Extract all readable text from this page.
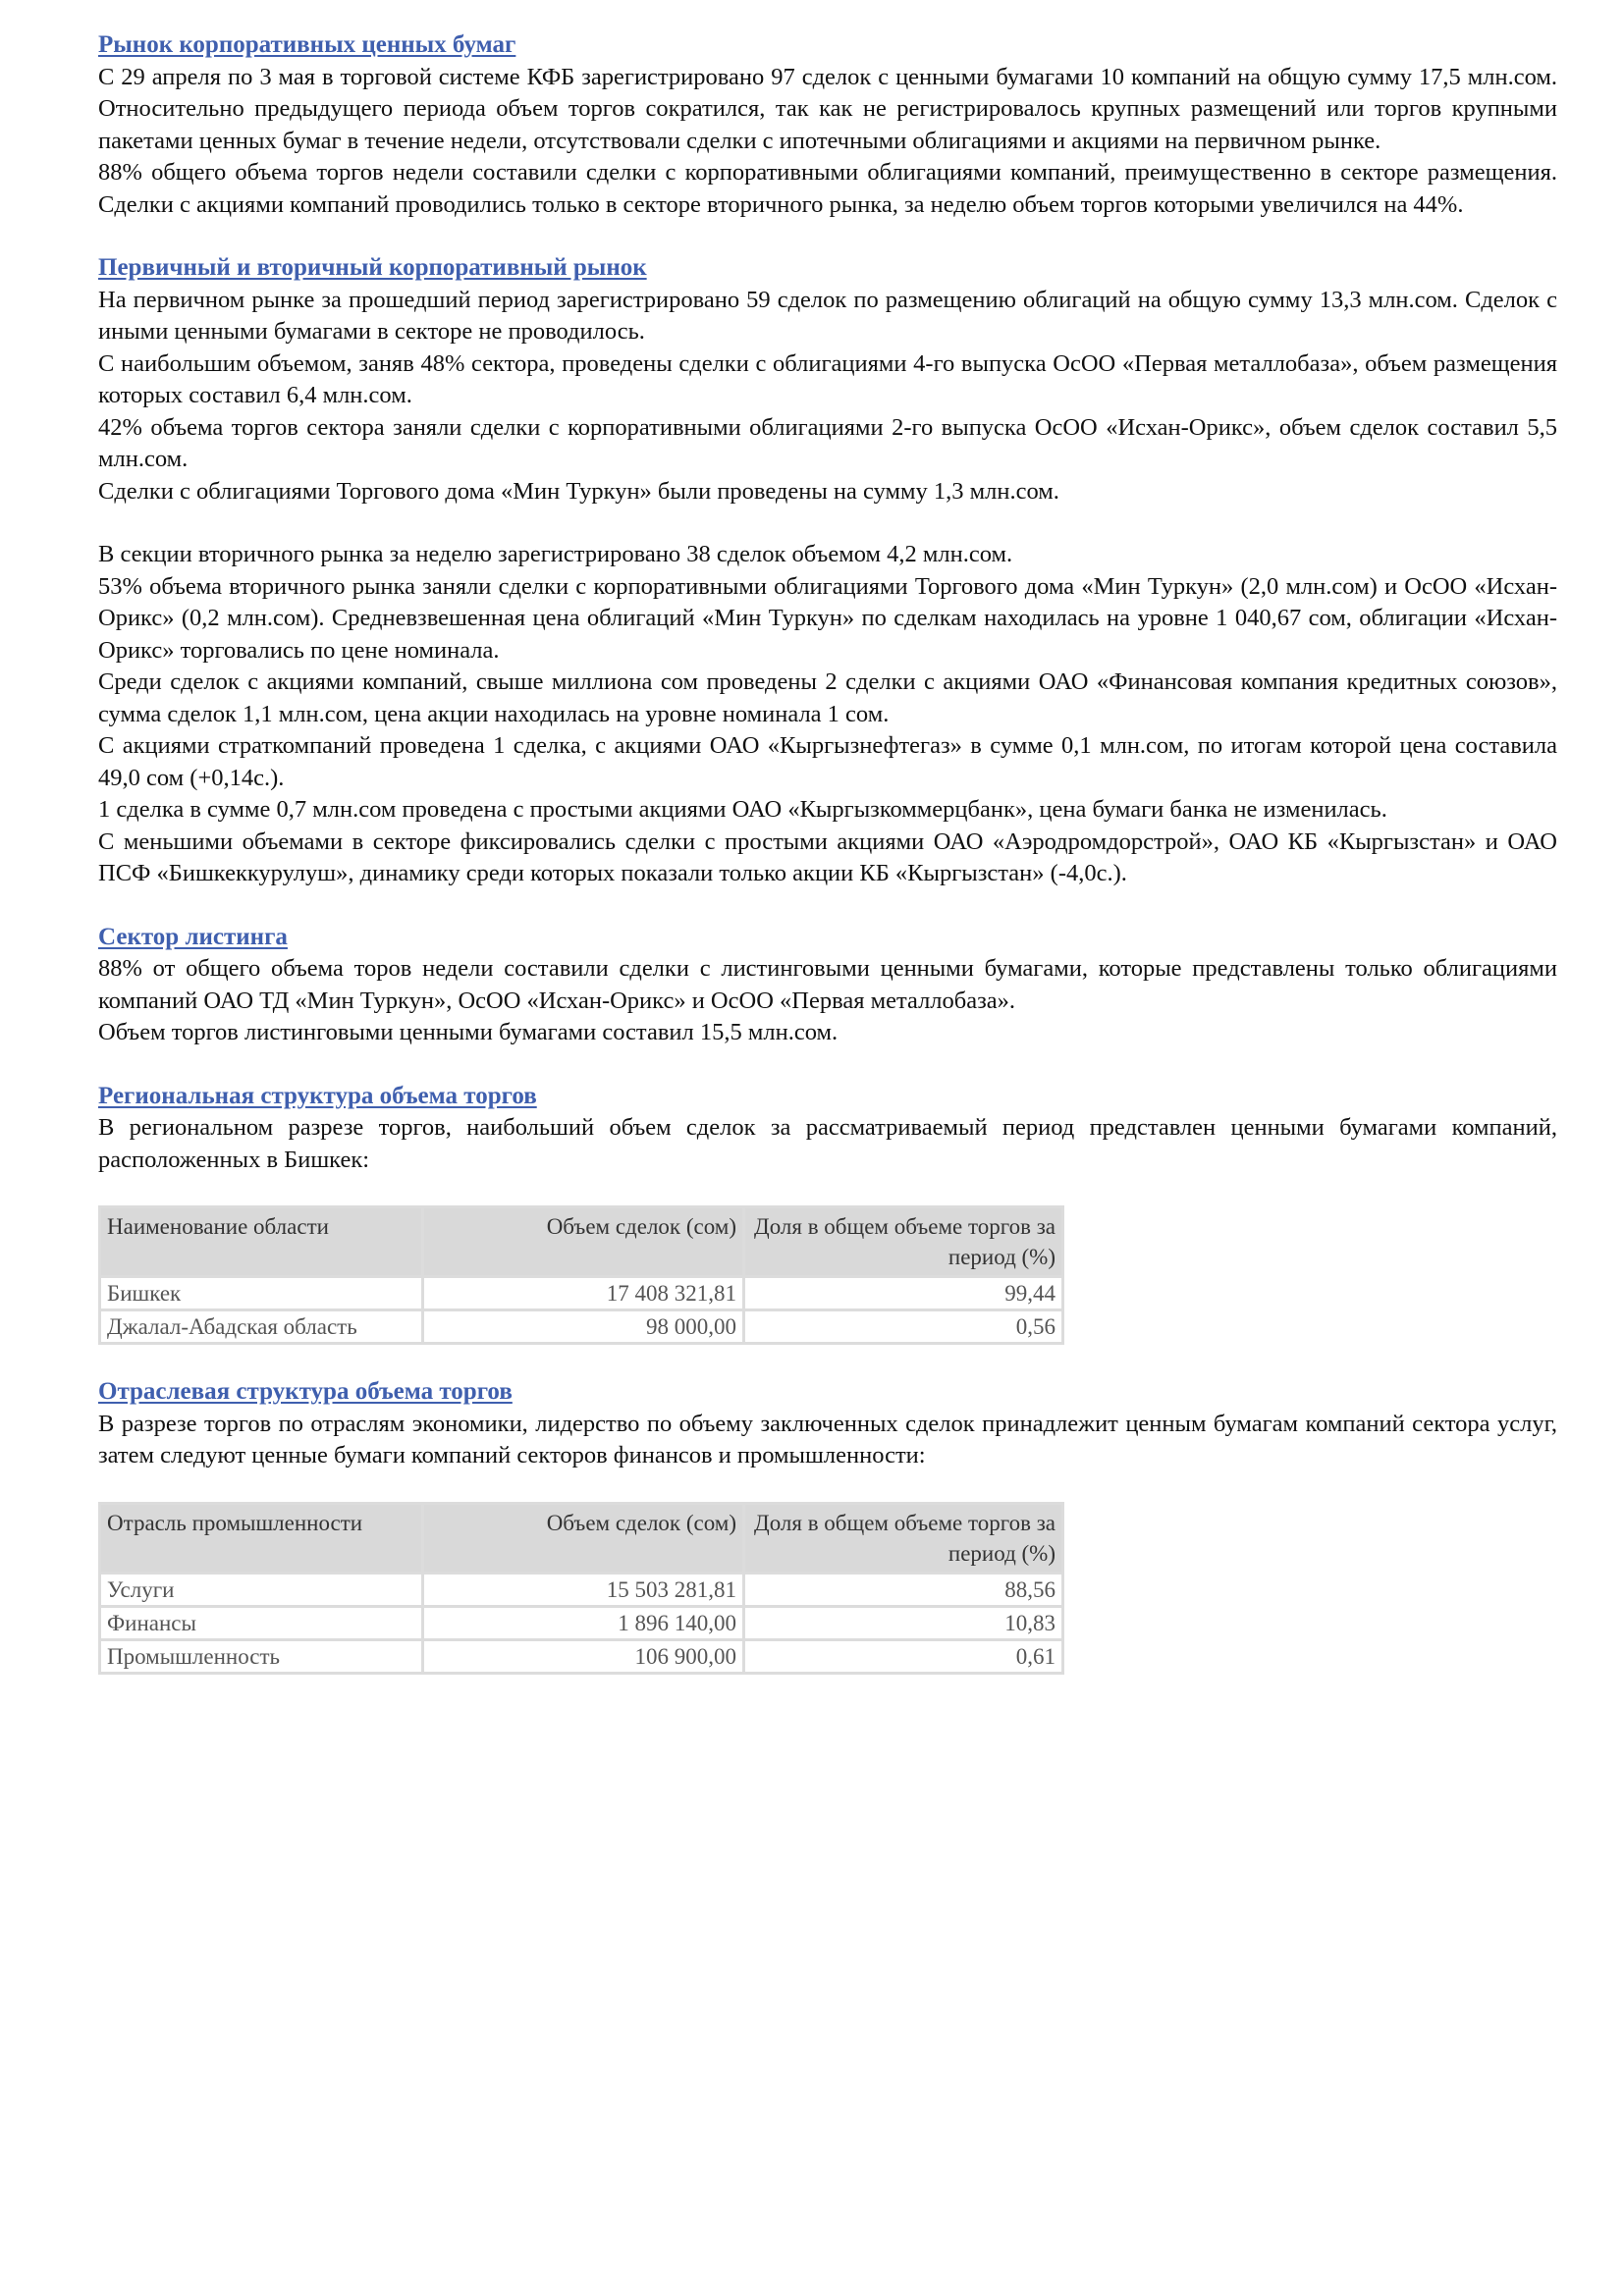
Рынок корпоративных ценных бумаг

С 29 апреля по 3 мая в торговой системе КФБ зарегистрировано 97 сделок с ценными бумагами 10 компаний на общую сумму 17,5 млн.сом. Относительно предыдущего периода объем торгов сократился, так как не регистрировалось крупных размещений или торгов крупными пакетами ценных бумаг в течение недели, отсутствовали сделки с ипотечными облигациями и акциями на первичном рынке.

88% общего объема торгов недели составили сделки с корпоративными облигациями компаний, преимущественно в секторе размещения. Сделки с акциями компаний проводились только в секторе вторичного рынка, за неделю объем торгов которыми увеличился на 44%.

Первичный и вторичный корпоративный рынок

На первичном рынке за прошедший период зарегистрировано 59 сделок по размещению облигаций на общую сумму 13,3 млн.сом. Сделок с иными ценными бумагами в секторе не проводилось.

С наибольшим объемом, заняв 48% сектора, проведены сделки с облигациями 4-го выпуска ОсОО «Первая металлобаза», объем размещения которых составил 6,4 млн.сом.

42% объема торгов сектора заняли сделки с корпоративными облигациями 2-го выпуска ОсОО «Исхан-Орикс», объем сделок составил 5,5 млн.сом.

Сделки с облигациями Торгового дома «Мин Туркун» были проведены на сумму 1,3 млн.сом.

В секции вторичного рынка за неделю зарегистрировано 38 сделок объемом 4,2 млн.сом.

53% объема вторичного рынка заняли сделки с корпоративными облигациями Торгового дома «Мин Туркун» (2,0 млн.сом) и ОсОО «Исхан-Орикс» (0,2 млн.сом). Средневзвешенная цена облигаций «Мин Туркун» по сделкам находилась на уровне 1 040,67 сом, облигации «Исхан-Орикс» торговались по цене номинала.

Среди сделок с акциями компаний, свыше миллиона сом проведены 2 сделки с акциями ОАО «Финансовая компания кредитных союзов», сумма сделок 1,1 млн.сом, цена акции находилась на уровне номинала 1 сом.

С акциями страткомпаний проведена 1 сделка, с акциями ОАО «Кыргызнефтегаз» в сумме 0,1 млн.сом, по итогам которой цена составила 49,0 сом (+0,14с.).

1 сделка в сумме 0,7 млн.сом проведена с простыми акциями ОАО «Кыргызкоммерцбанк», цена бумаги банка не изменилась.

С меньшими объемами в секторе фиксировались сделки с простыми акциями ОАО «Аэродромдорстрой», ОАО КБ «Кыргызстан» и ОАО ПСФ «Бишкеккурулуш», динамику среди которых показали только акции КБ «Кыргызстан» (-4,0с.).

Сектор листинга

88% от общего объема торов недели составили сделки с листинговыми ценными бумагами, которые представлены только облигациями компаний ОАО ТД «Мин Туркун», ОсОО «Исхан-Орикс» и ОсОО «Первая металлобаза».

Объем торгов листинговыми ценными бумагами составил 15,5 млн.сом.

Региональная структура объема торгов

В региональном разрезе торгов, наибольший объем сделок за рассматриваемый период представлен ценными бумагами компаний, расположенных в Бишкек:

Наименование области	Объем сделок (сом)	Доля в общем объеме торгов за период (%)
Бишкек	17 408 321,81	99,44
Джалал-Абадская область	98 000,00	0,56
Отраслевая структура объема торгов

В разрезе торгов по отраслям экономики, лидерство по объему заключенных сделок принадлежит ценным бумагам компаний сектора услуг, затем следуют ценные бумаги компаний секторов финансов и промышленности:

Отрасль промышленности	Объем сделок (сом)	Доля в общем объеме торгов за период (%)
Услуги	15 503 281,81	88,56
Финансы	1 896 140,00	10,83
Промышленность	106 900,00	0,61
